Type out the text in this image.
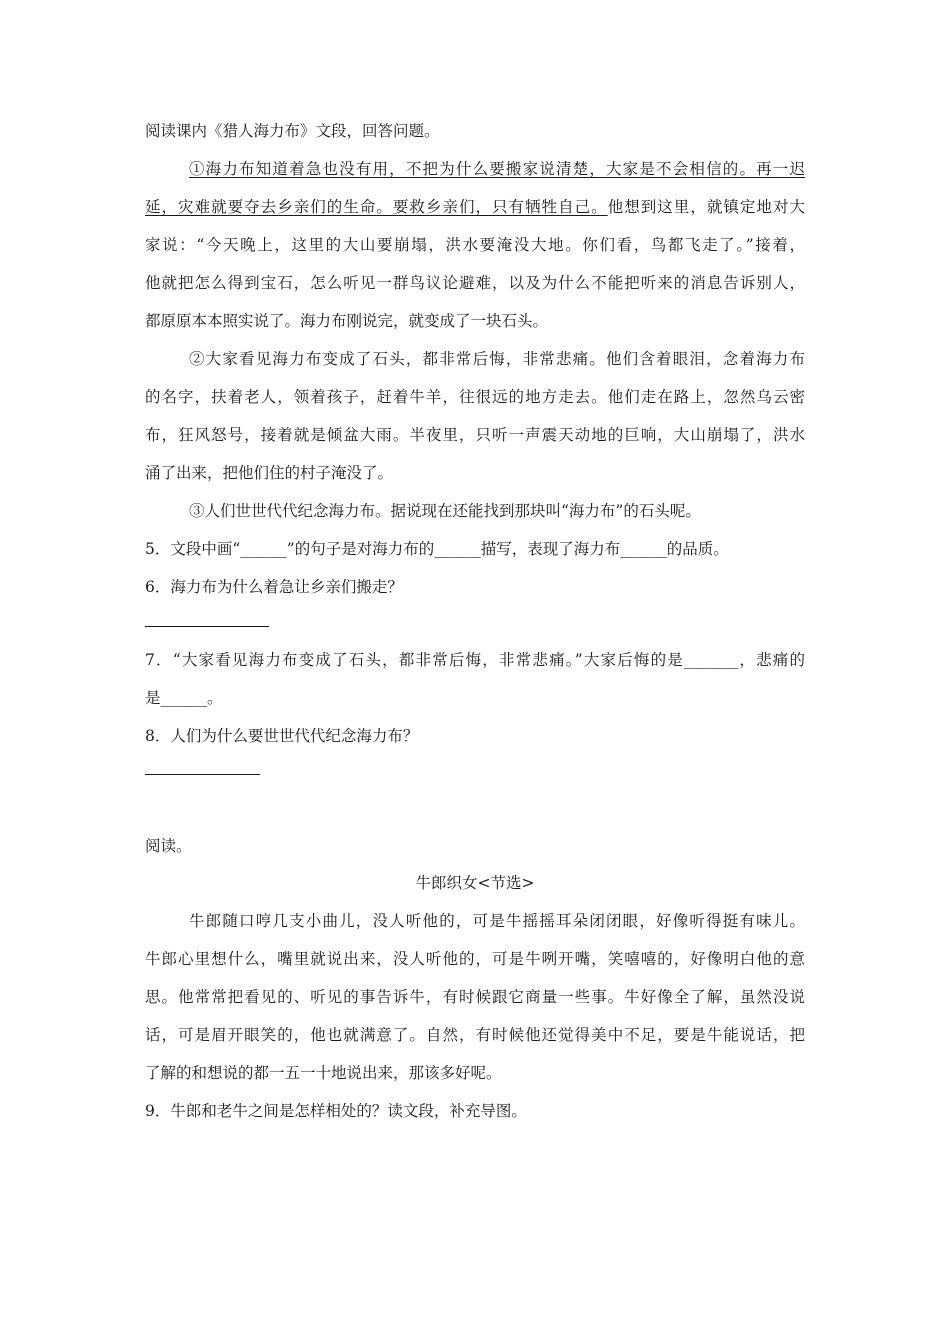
阅读课内《猎人海力布》文段，回答问题。
①海力布知道着急也没有用，不把为什么要搬家说清楚，大家是不会相信的。再一迟
延，灾难就要夺去乡亲们的生命。要救乡亲们，只有牺牲自己。他想到这里，就镇定地对大
家说：“今天晚上，这里的大山要崩塌，洪水要淹没大地。你们看，鸟都飞走了。”接着，
他就把怎么得到宝石，怎么听见一群鸟议论避难，以及为什么不能把听来的消息告诉别人，
都原原本本照实说了。海力布刚说完，就变成了一块石头。
②大家看见海力布变成了石头，都非常后悔，非常悲痛。他们含着眼泪，念着海力布
的名字，扶着老人，领着孩子，赶着牛羊，往很远的地方走去。他们走在路上，忽然乌云密
布，狂风怒号，接着就是倾盆大雨。半夜里，只听一声震天动地的巨响，大山崩塌了，洪水
涌了出来，把他们住的村子淹没了。
③人们世世代代纪念海力布。据说现在还能找到那块叫“海力布”的石头呢。
5．文段中画“______”的句子是对海力布的______描写，表现了海力布______的品质。
6．海力布为什么着急让乡亲们搬走？
7．“大家看见海力布变成了石头，都非常后悔，非常悲痛。”大家后悔的是_______，悲痛的
是______。
8．人们为什么要世世代代纪念海力布？
阅读。
牛郎织女<节选>
牛郎随口哼几支小曲儿，没人听他的，可是牛摇摇耳朵闭闭眼，好像听得挺有味儿。
牛郎心里想什么，嘴里就说出来，没人听他的，可是牛咧开嘴，笑嘻嘻的，好像明白他的意
思。他常常把看见的、听见的事告诉牛，有时候跟它商量一些事。牛好像全了解，虽然没说
话，可是眉开眼笑的，他也就满意了。自然，有时候他还觉得美中不足，要是牛能说话，把
了解的和想说的都一五一十地说出来，那该多好呢。
9．牛郎和老牛之间是怎样相处的？读文段，补充导图。
